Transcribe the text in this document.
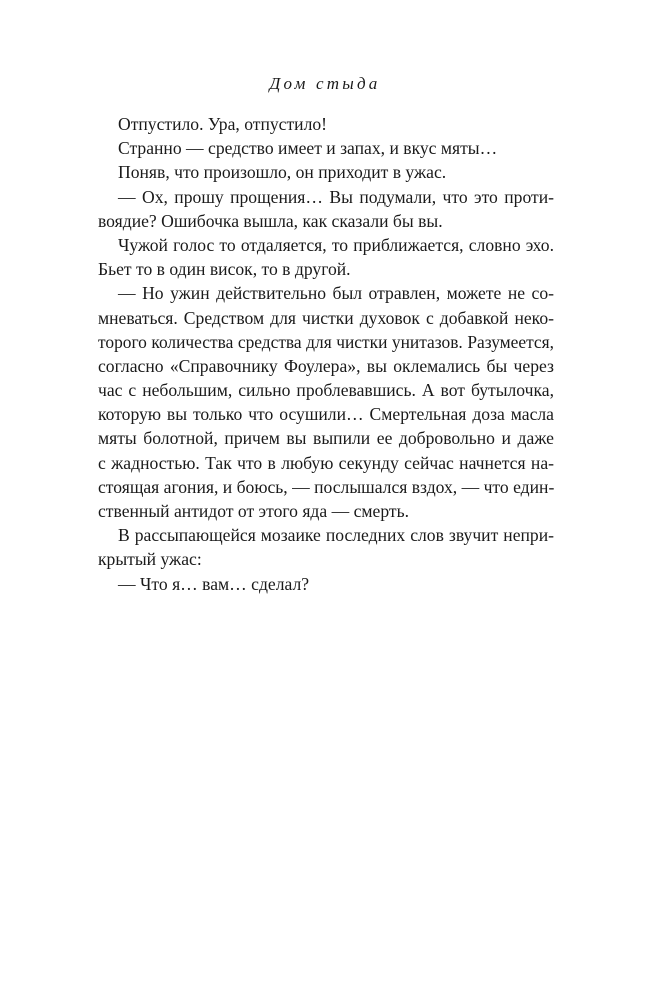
Дом стыда
Отпустило. Ура, отпустило!
Странно — средство имеет и запах, и вкус мяты…
Поняв, что произошло, он приходит в ужас.
— Ох, прошу прощения… Вы подумали, что это проти-
воядие? Ошибочка вышла, как сказали бы вы.
Чужой голос то отдаляется, то приближается, словно эхо.
Бьет то в один висок, то в другой.
— Но ужин действительно был отравлен, можете не со-
мневаться. Средством для чистки духовок с добавкой неко-
торого количества средства для чистки унитазов. Разумеется,
согласно «Справочнику Фоулера», вы оклемались бы через
час с небольшим, сильно проблевавшись. А вот бутылочка,
которую вы только что осушили… Смертельная доза масла
мяты болотной, причем вы выпили ее добровольно и даже
с жадностью. Так что в любую секунду сейчас начнется на-
стоящая агония, и боюсь, — послышался вздох, — что един-
ственный антидот от этого яда — смерть.
В рассыпающейся мозаике последних слов звучит непри-
крытый ужас:
— Что я… вам… сделал?
